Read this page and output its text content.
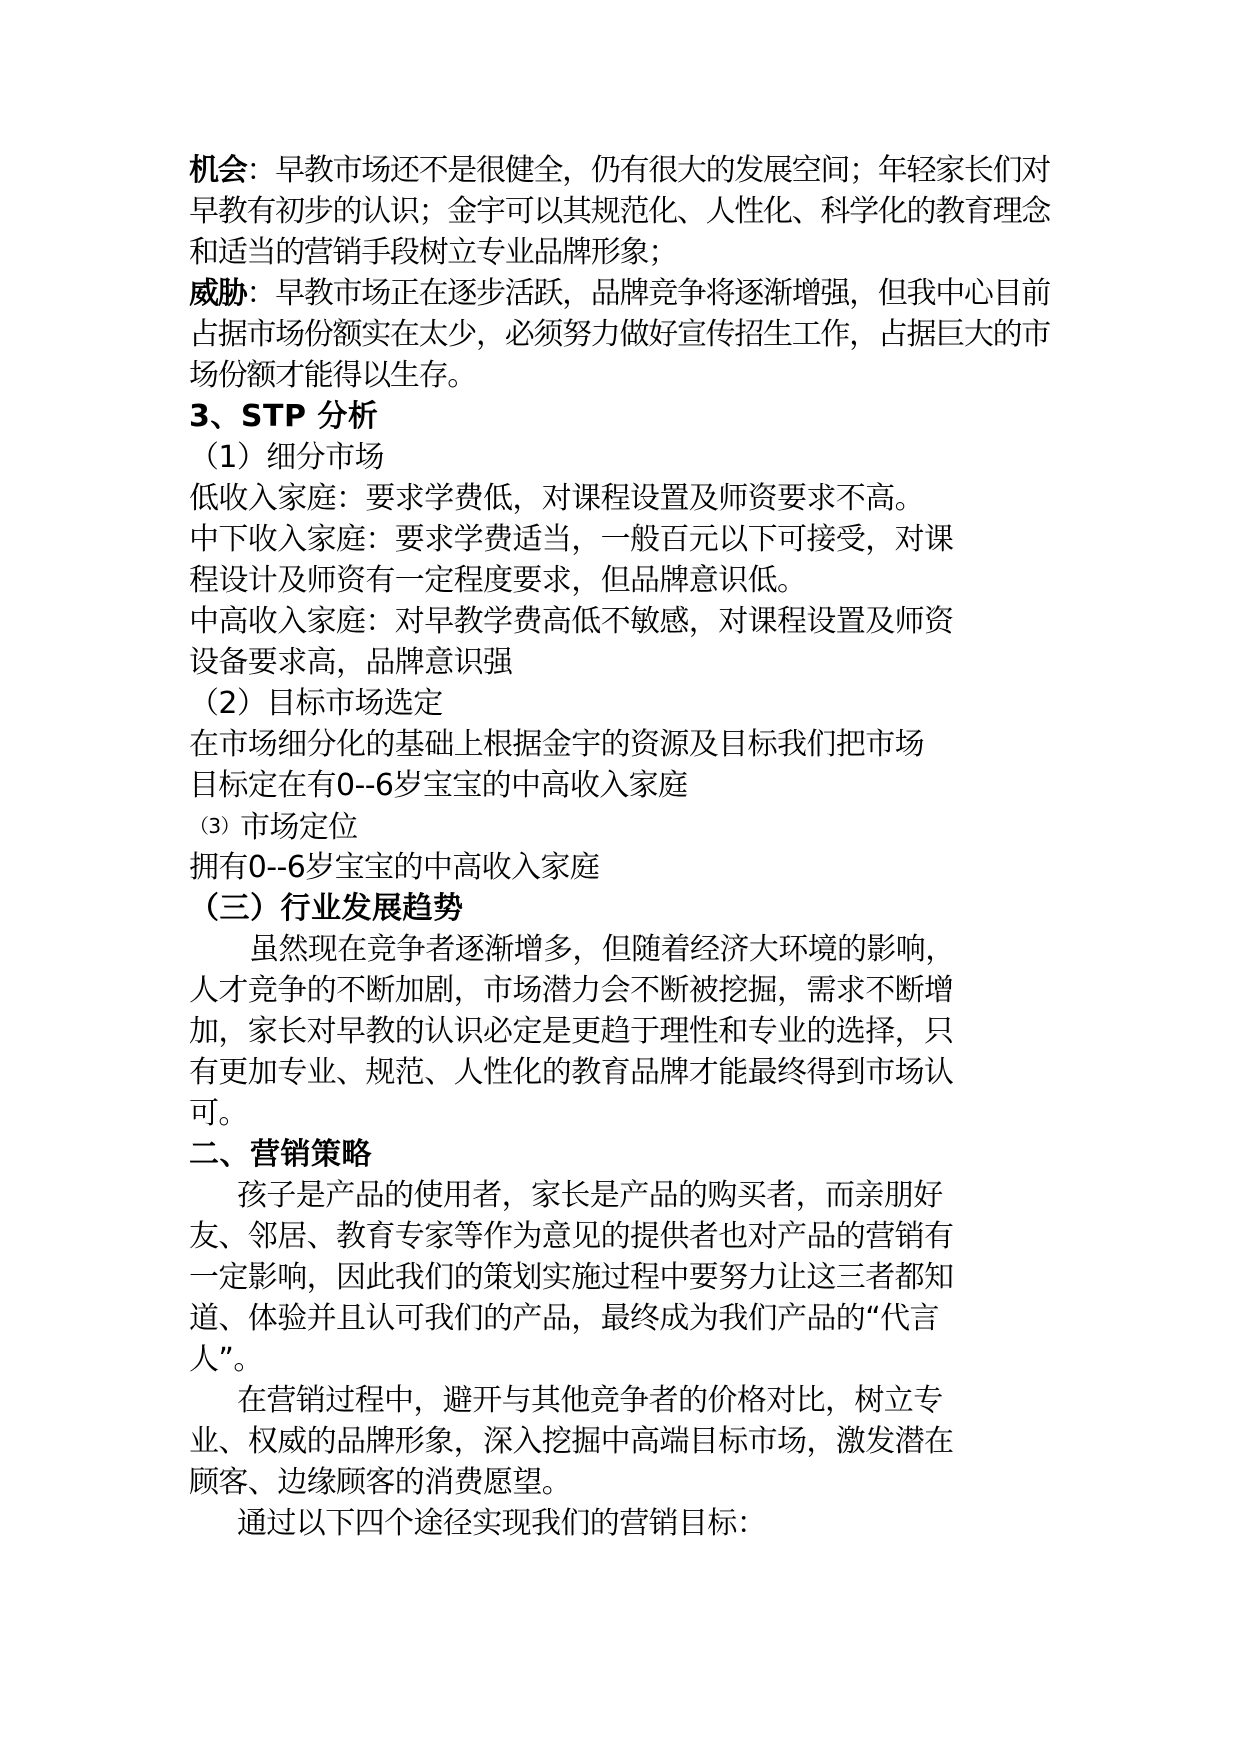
机会：早教市场还不是很健全，仍有很大的发展空间；年轻家长们对
早教有初步的认识；金宇可以其规范化、人性化、科学化的教育理念
和适当的营销手段树立专业品牌形象；
威胁：早教市场正在逐步活跃，品牌竞争将逐渐增强，但我中心目前
占据市场份额实在太少，必须努力做好宣传招生工作，占据巨大的市
场份额才能得以生存。
3、STP 分析
（1）细分市场
低收入家庭：要求学费低，对课程设置及师资要求不高。
中下收入家庭：要求学费适当，一般百元以下可接受，对课
程设计及师资有一定程度要求，但品牌意识低。
中高收入家庭：对早教学费高低不敏感，对课程设置及师资
设备要求高，品牌意识强
（2）目标市场选定
在市场细分化的基础上根据金宇的资源及目标我们把市场
目标定在有0--6岁宝宝的中高收入家庭
（3）市场定位
拥有0--6岁宝宝的中高收入家庭
（三）行业发展趋势
虽然现在竞争者逐渐增多，但随着经济大环境的影响，
人才竞争的不断加剧，市场潜力会不断被挖掘，需求不断增
加，家长对早教的认识必定是更趋于理性和专业的选择，只
有更加专业、规范、人性化的教育品牌才能最终得到市场认
可。
二、营销策略
孩子是产品的使用者，家长是产品的购买者，而亲朋好
友、邻居、教育专家等作为意见的提供者也对产品的营销有
一定影响，因此我们的策划实施过程中要努力让这三者都知
道、体验并且认可我们的产品，最终成为我们产品的“代言
人”。
在营销过程中，避开与其他竞争者的价格对比，树立专
业、权威的品牌形象，深入挖掘中高端目标市场，激发潜在
顾客、边缘顾客的消费愿望。
通过以下四个途径实现我们的营销目标：
